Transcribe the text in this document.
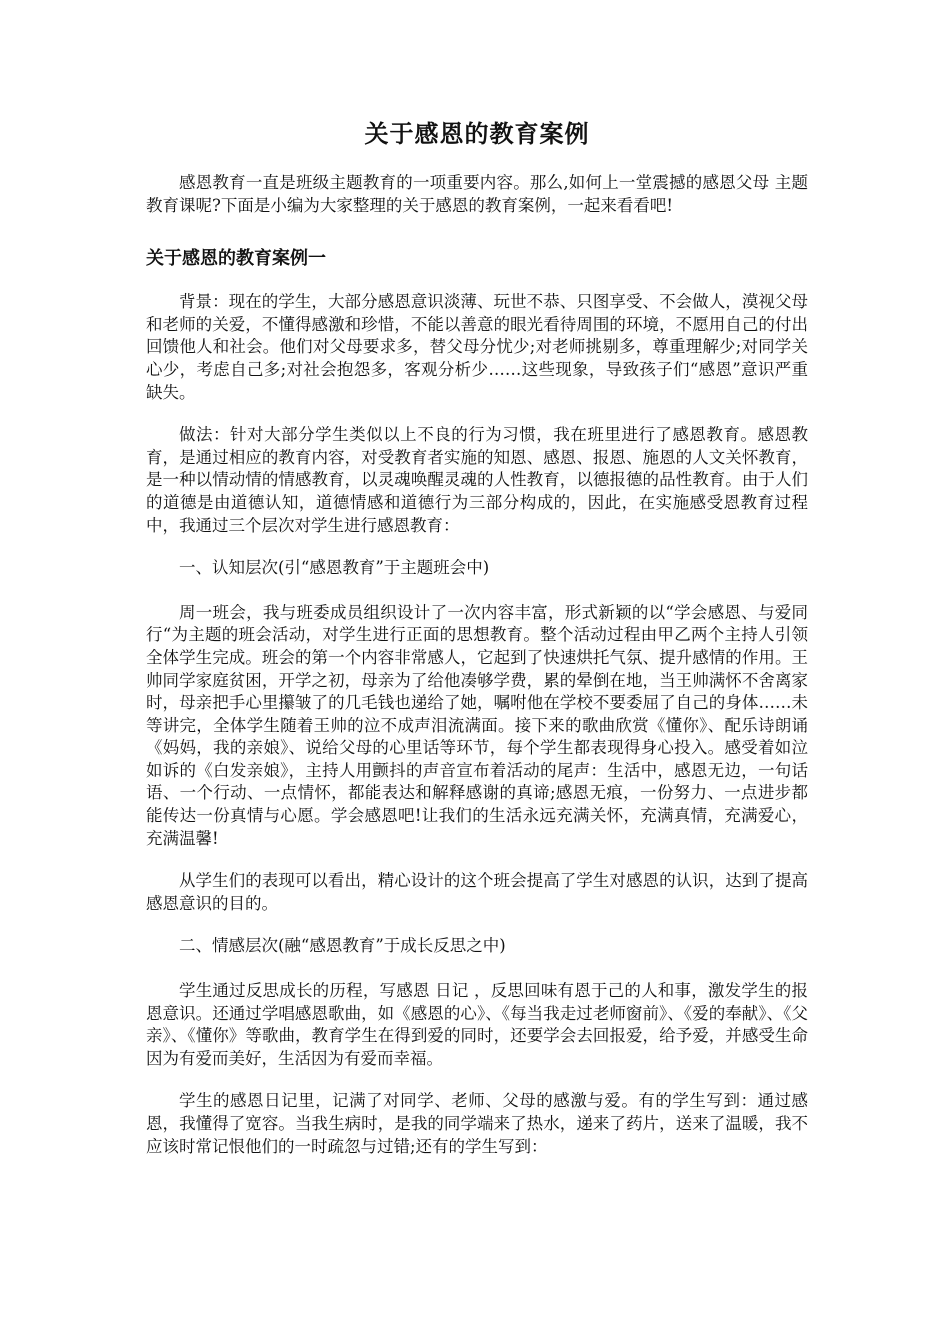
关于感恩的教育案例

感恩教育一直是班级主题教育的一项重要内容。那么,如何上一堂震撼的感恩父母 主题教育课呢?下面是小编为大家整理的关于感恩的教育案例，一起来看看吧!

关于感恩的教育案例一

背景：现在的学生，大部分感恩意识淡薄、玩世不恭、只图享受、不会做人，漠视父母和老师的关爱，不懂得感激和珍惜，不能以善意的眼光看待周围的环境，不愿用自己的付出回馈他人和社会。他们对父母要求多，替父母分忧少;对老师挑剔多，尊重理解少;对同学关心少，考虑自己多;对社会抱怨多，客观分析少……这些现象，导致孩子们“感恩”意识严重缺失。

做法：针对大部分学生类似以上不良的行为习惯，我在班里进行了感恩教育。感恩教育，是通过相应的教育内容，对受教育者实施的知恩、感恩、报恩、施恩的人文关怀教育，是一种以情动情的情感教育，以灵魂唤醒灵魂的人性教育，以德报德的品性教育。由于人们的道德是由道德认知，道德情感和道德行为三部分构成的，因此，在实施感受恩教育过程中，我通过三个层次对学生进行感恩教育：

一、认知层次(引“感恩教育”于主题班会中)

周一班会，我与班委成员组织设计了一次内容丰富，形式新颖的以“学会感恩、与爱同行“为主题的班会活动，对学生进行正面的思想教育。整个活动过程由甲乙两个主持人引领全体学生完成。班会的第一个内容非常感人，它起到了快速烘托气氛、提升感情的作用。王帅同学家庭贫困，开学之初，母亲为了给他凑够学费，累的晕倒在地，当王帅满怀不舍离家时，母亲把手心里攥皱了的几毛钱也递给了她，嘱咐他在学校不要委屈了自己的身体……未等讲完，全体学生随着王帅的泣不成声泪流满面。接下来的歌曲欣赏《懂你》、配乐诗朗诵《妈妈，我的亲娘》、说给父母的心里话等环节，每个学生都表现得身心投入。感受着如泣如诉的《白发亲娘》，主持人用颤抖的声音宣布着活动的尾声：生活中，感恩无边，一句话语、一个行动、一点情怀，都能表达和解释感谢的真谛;感恩无痕，一份努力、一点进步都能传达一份真情与心愿。学会感恩吧!让我们的生活永远充满关怀，充满真情，充满爱心，充满温馨!

从学生们的表现可以看出，精心设计的这个班会提高了学生对感恩的认识，达到了提高感恩意识的目的。

二、情感层次(融“感恩教育”于成长反思之中)

学生通过反思成长的历程，写感恩 日记 ，反思回味有恩于己的人和事，激发学生的报恩意识。还通过学唱感恩歌曲，如《感恩的心》、《每当我走过老师窗前》、《爱的奉献》、《父亲》、《懂你》等歌曲，教育学生在得到爱的同时，还要学会去回报爱，给予爱，并感受生命因为有爱而美好，生活因为有爱而幸福。

学生的感恩日记里，记满了对同学、老师、父母的感激与爱。有的学生写到：通过感恩，我懂得了宽容。当我生病时，是我的同学端来了热水，递来了药片，送来了温暖，我不应该时常记恨他们的一时疏忽与过错;还有的学生写到：
